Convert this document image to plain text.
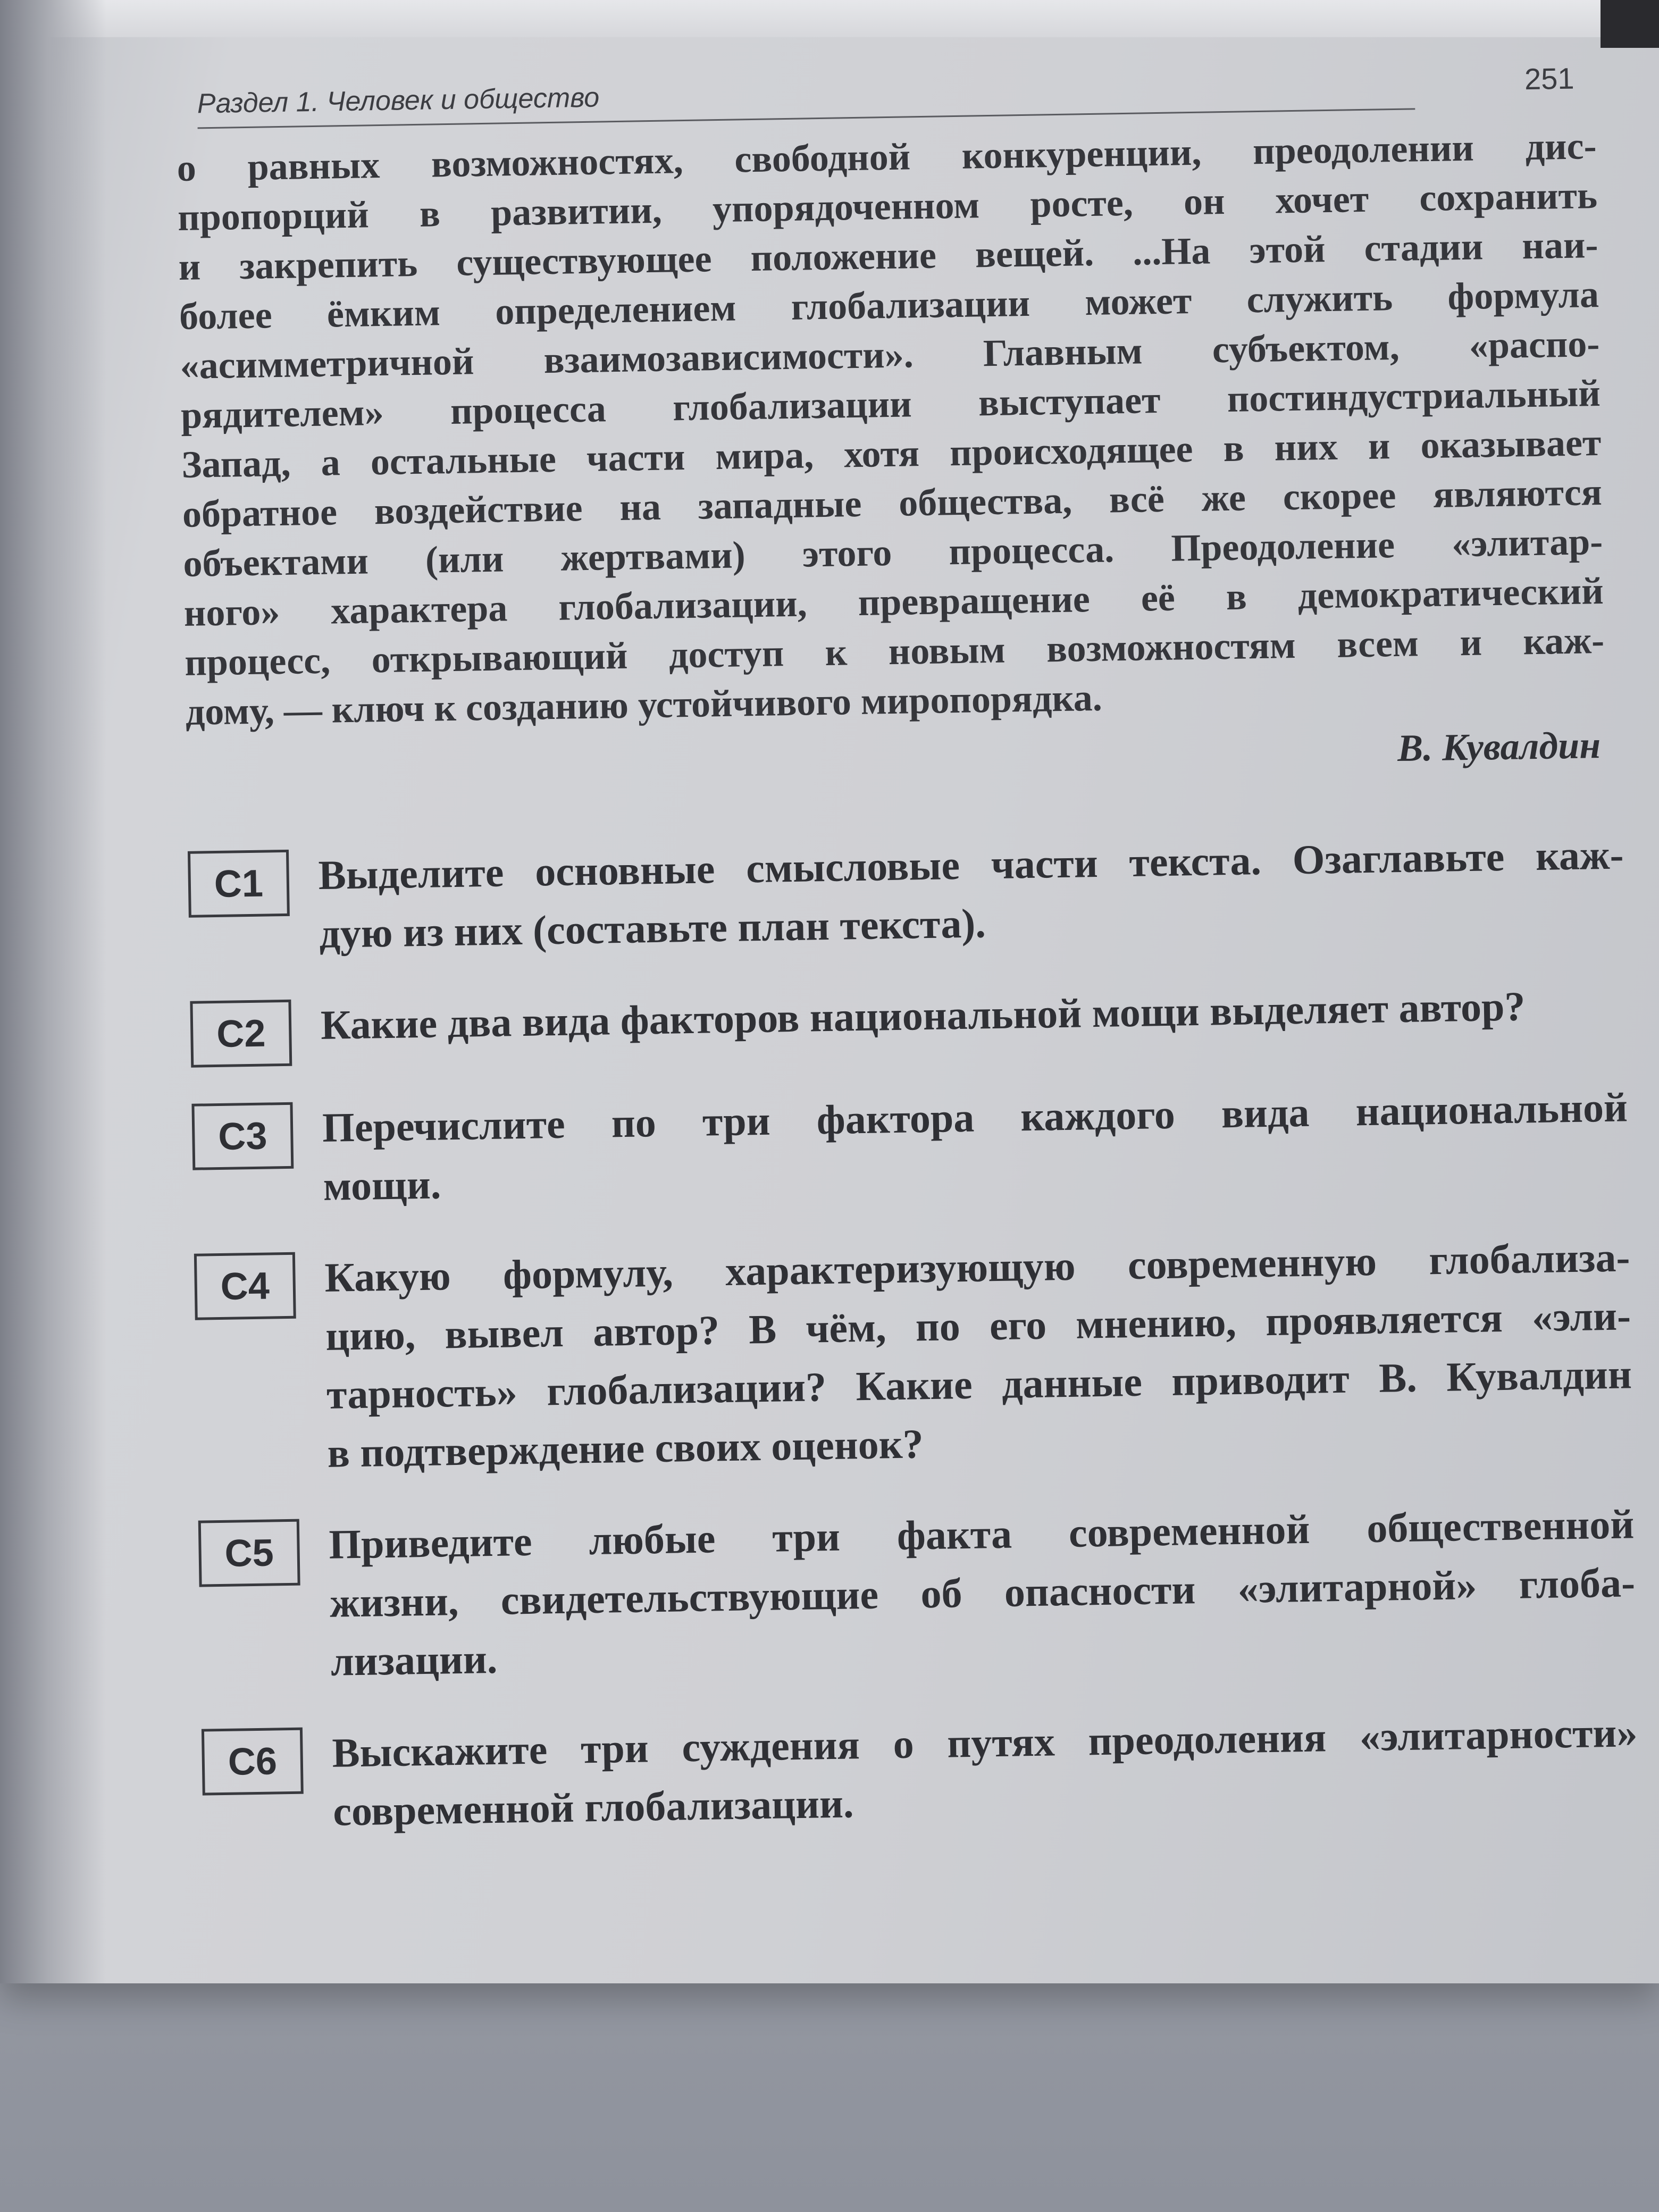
Раздел 1. Человек и общество
251
о равных возможностях, свободной конкуренции, преодолении дис-
пропорций в развитии, упорядоченном росте, он хочет сохранить
и закрепить существующее положение вещей. ...На этой стадии наи-
более ёмким определением глобализации может служить формула
«асимметричной взаимозависимости». Главным субъектом, «распо-
рядителем» процесса глобализации выступает постиндустриальный
Запад, а остальные части мира, хотя происходящее в них и оказывает
обратное воздействие на западные общества, всё же скорее являются
объектами (или жертвами) этого процесса. Преодоление «элитар-
ного» характера глобализации, превращение её в демократический
процесс, открывающий доступ к новым возможностям всем и каж-
дому, — ключ к созданию устойчивого миропорядка.
В. Кувалдин
С1	Выделите основные смысловые части текста. Озаглавьте каж-
дую из них (составьте план текста).
С2	Какие два вида факторов национальной мощи выделяет автор?
С3	Перечислите по три фактора каждого вида национальной
мощи.
С4	Какую формулу, характеризующую современную глобализа-
цию, вывел автор? В чём, по его мнению, проявляется «эли-
тарность» глобализации? Какие данные приводит В. Кувалдин
в подтверждение своих оценок?
С5	Приведите любые три факта современной общественной
жизни, свидетельствующие об опасности «элитарной» глоба-
лизации.
С6	Выскажите три суждения о путях преодоления «элитарности»
современной глобализации.
